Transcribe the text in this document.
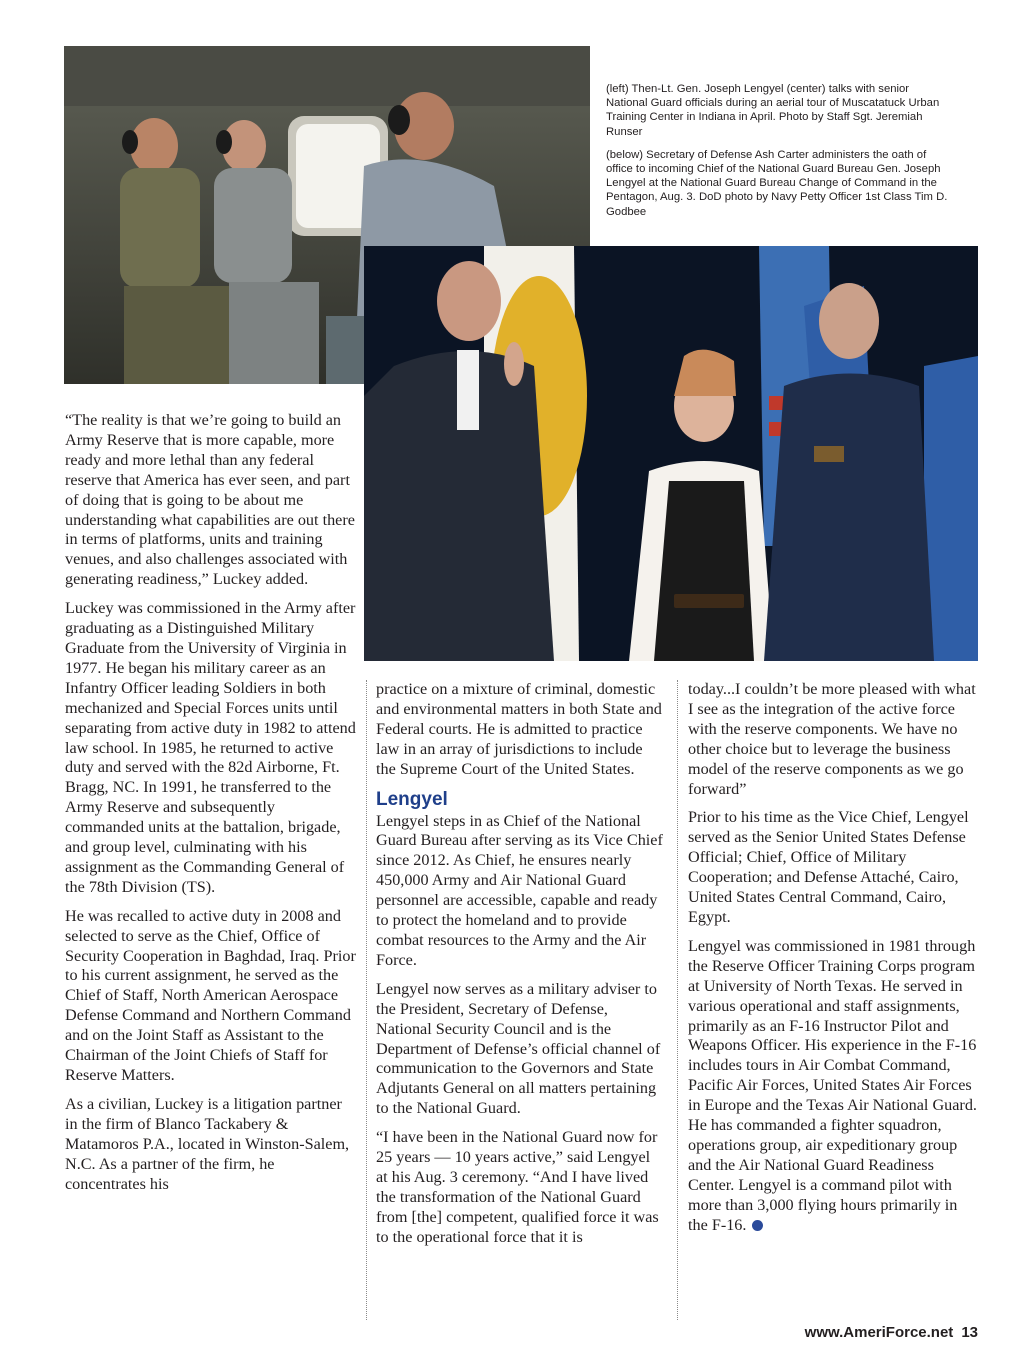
(left) Then-Lt. Gen. Joseph Lengyel (center) talks with senior National Guard officials during an aerial tour of Muscatatuck Urban Training Center in Indiana in April. Photo by Staff Sgt. Jeremiah Runser

(below) Secretary of Defense Ash Carter administers the oath of office to incoming Chief of the National Guard Bureau Gen. Joseph Lengyel at the National Guard Bureau Change of Command in the Pentagon, Aug. 3. DoD photo by Navy Petty Officer 1st Class Tim D. Godbee

“The reality is that we’re going to build an Army Reserve that is more capable, more ready and more lethal than any federal reserve that America has ever seen, and part of doing that is going to be about me understanding what capabilities are out there in terms of platforms, units and training venues, and also challenges associated with generating readiness,” Luckey added.

Luckey was commissioned in the Army after graduating as a Distinguished Military Graduate from the University of Virginia in 1977. He began his military career as an Infantry Officer leading Soldiers in both mechanized and Special Forces units until separating from active duty in 1982 to attend law school. In 1985, he returned to active duty and served with the 82d Airborne, Ft. Bragg, NC. In 1991, he transferred to the Army Reserve and subsequently commanded units at the battalion, brigade, and group level, culminating with his assignment as the Commanding General of the 78th Division (TS).

He was recalled to active duty in 2008 and selected to serve as the Chief, Office of Security Cooperation in Baghdad, Iraq. Prior to his current assignment, he served as the Chief of Staff, North American Aerospace Defense Command and Northern Command and on the Joint Staff as Assistant to the Chairman of the Joint Chiefs of Staff for Reserve Matters.

As a civilian, Luckey is a litigation partner in the firm of Blanco Tackabery & Matamoros P.A., located in Winston-Salem, N.C. As a partner of the firm, he concentrates his

practice on a mixture of criminal, domestic and environmental matters in both State and Federal courts. He is admitted to practice law in an array of jurisdictions to include the Supreme Court of the United States.

Lengyel

Lengyel steps in as Chief of the National Guard Bureau after serving as its Vice Chief since 2012. As Chief, he ensures nearly 450,000 Army and Air National Guard personnel are accessible, capable and ready to protect the homeland and to provide combat resources to the Army and the Air Force.

Lengyel now serves as a military adviser to the President, Secretary of Defense, National Security Council and is the Department of Defense’s official channel of communication to the Governors and State Adjutants General on all matters pertaining to the National Guard.

“I have been in the National Guard now for 25 years — 10 years active,” said Lengyel at his Aug. 3 ceremony. “And I have lived the transformation of the National Guard from [the] competent, qualified force it was to the operational force that it is

today...I couldn’t be more pleased with what I see as the integration of the active force with the reserve components. We have no other choice but to leverage the business model of the reserve components as we go forward”

Prior to his time as the Vice Chief, Lengyel served as the Senior United States Defense Official; Chief, Office of Military Cooperation; and Defense Attaché, Cairo, United States Central Command, Cairo, Egypt.

Lengyel was commissioned in 1981 through the Reserve Officer Training Corps program at University of North Texas. He served in various operational and staff assignments, primarily as an F-16 Instructor Pilot and Weapons Officer. His experience in the F-16 includes tours in Air Combat Command, Pacific Air Forces, United States Air Forces in Europe and the Texas Air National Guard. He has commanded a fighter squadron, operations group, air expeditionary group and the Air National Guard Readiness Center. Lengyel is a command pilot with more than 3,000 flying hours primarily in the F-16.

www.AmeriForce.net 13
